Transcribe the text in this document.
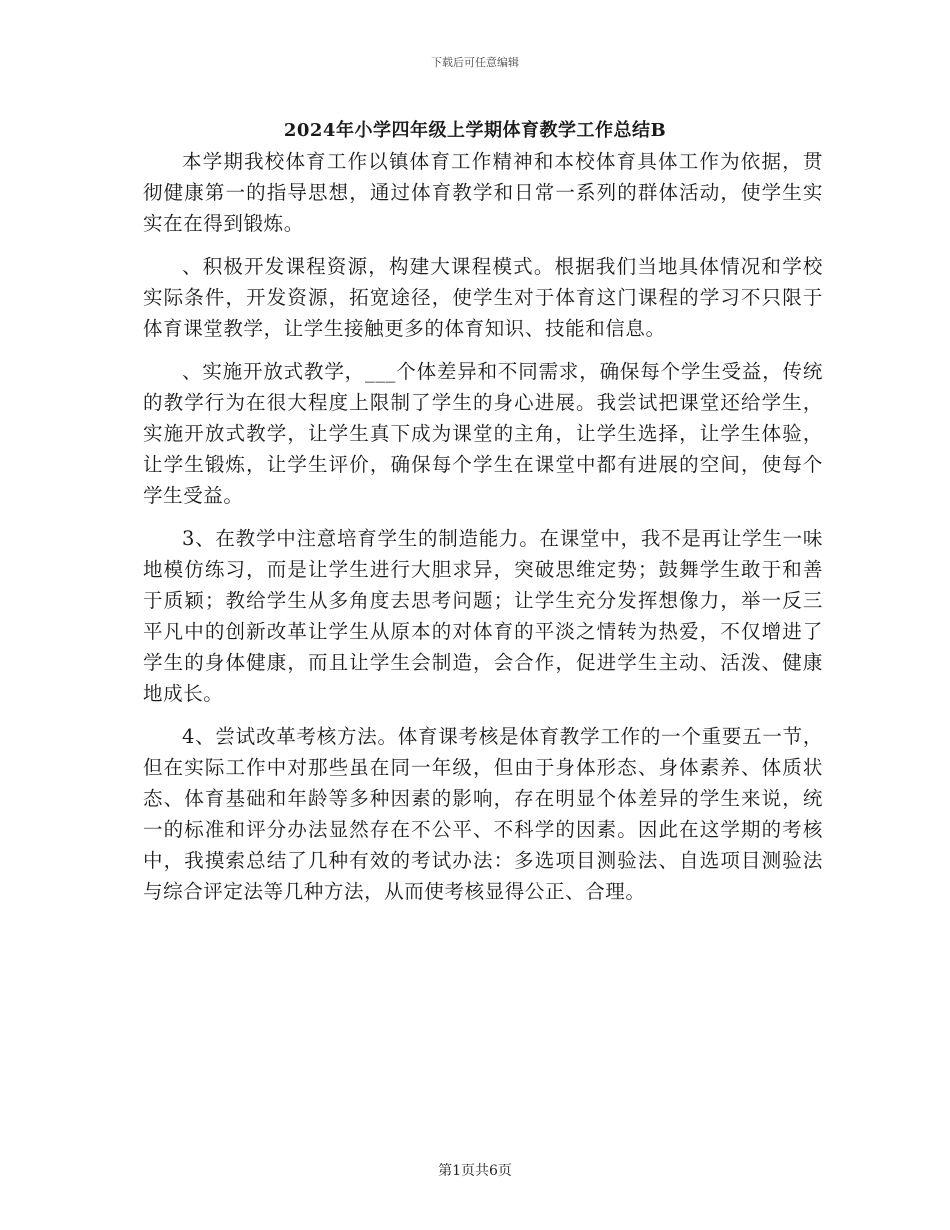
下载后可任意编辑
2024年小学四年级上学期体育教学工作总结B

本学期我校体育工作以镇体育工作精神和本校体育具体工作为依据，贯彻健康第一的指导思想，通过体育教学和日常一系列的群体活动，使学生实实在在得到锻炼。

、积极开发课程资源，构建大课程模式。根据我们当地具体情况和学校实际条件，开发资源，拓宽途径，使学生对于体育这门课程的学习不只限于体育课堂教学，让学生接触更多的体育知识、技能和信息。

、实施开放式教学，___个体差异和不同需求，确保每个学生受益，传统的教学行为在很大程度上限制了学生的身心进展。我尝试把课堂还给学生，实施开放式教学，让学生真下成为课堂的主角，让学生选择，让学生体验，让学生锻炼，让学生评价，确保每个学生在课堂中都有进展的空间，使每个学生受益。

3、在教学中注意培育学生的制造能力。在课堂中，我不是再让学生一味地模仿练习，而是让学生进行大胆求异，突破思维定势；鼓舞学生敢于和善于质颖；教给学生从多角度去思考问题；让学生充分发挥想像力，举一反三平凡中的创新改革让学生从原本的对体育的平淡之情转为热爱，不仅增进了学生的身体健康，而且让学生会制造，会合作，促进学生主动、活泼、健康地成长。

4、尝试改革考核方法。体育课考核是体育教学工作的一个重要五一节，但在实际工作中对那些虽在同一年级，但由于身体形态、身体素养、体质状态、体育基础和年龄等多种因素的影响，存在明显个体差异的学生来说，统一的标准和评分办法显然存在不公平、不科学的因素。因此在这学期的考核中，我摸索总结了几种有效的考试办法：多选项目测验法、自选项目测验法与综合评定法等几种方法，从而使考核显得公正、合理。

第1页共6页
